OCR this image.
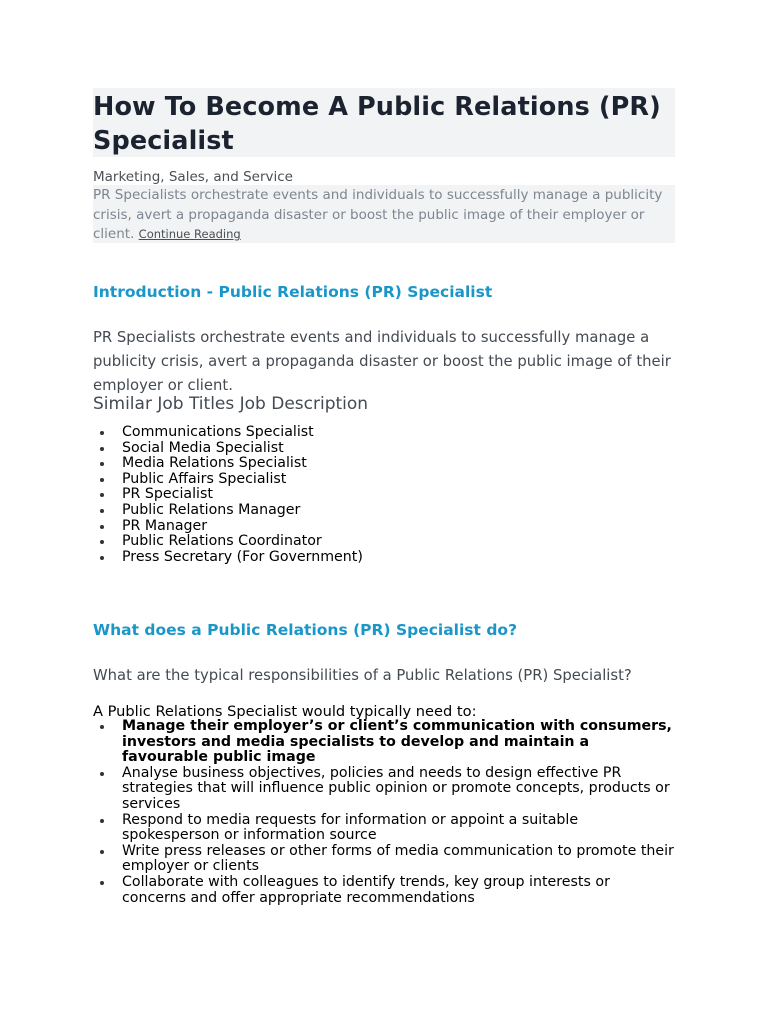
How To Become A Public Relations (PR) Specialist
Marketing, Sales, and Service
PR Specialists orchestrate events and individuals to successfully manage a publicity crisis, avert a propaganda disaster or boost the public image of their employer or client. Continue Reading
Introduction - Public Relations (PR) Specialist
PR Specialists orchestrate events and individuals to successfully manage a publicity crisis, avert a propaganda disaster or boost the public image of their employer or client.
Similar Job Titles Job Description
Communications Specialist
Social Media Specialist
Media Relations Specialist
Public Affairs Specialist
PR Specialist
Public Relations Manager
PR Manager
Public Relations Coordinator
Press Secretary (For Government)
What does a Public Relations (PR) Specialist do?
What are the typical responsibilities of a Public Relations (PR) Specialist?
A Public Relations Specialist would typically need to:
Manage their employer’s or client’s communication with consumers, investors and media specialists to develop and maintain a favourable public image
Analyse business objectives, policies and needs to design effective PR strategies that will influence public opinion or promote concepts, products or services
Respond to media requests for information or appoint a suitable spokesperson or information source
Write press releases or other forms of media communication to promote their employer or clients
Collaborate with colleagues to identify trends, key group interests or concerns and offer appropriate recommendations
